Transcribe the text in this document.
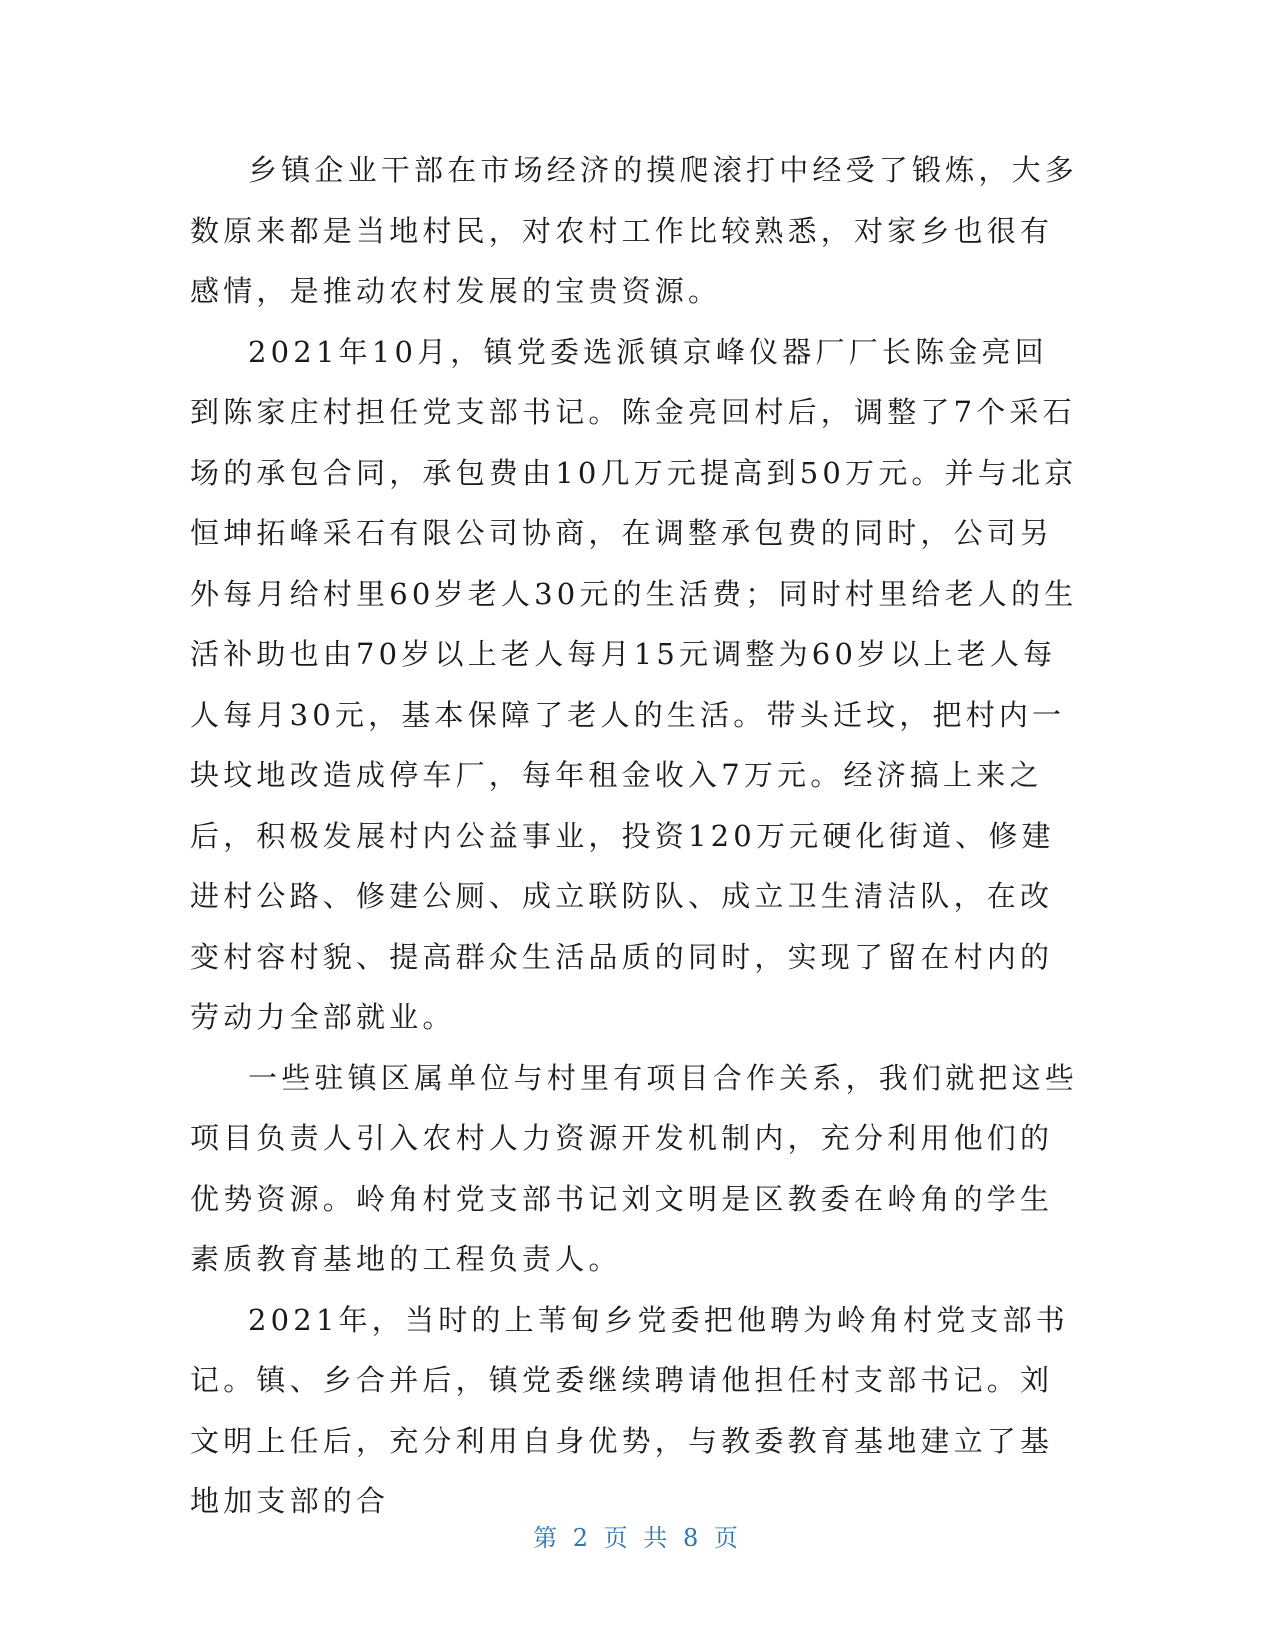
乡镇企业干部在市场经济的摸爬滚打中经受了锻炼，大多数原来都是当地村民，对农村工作比较熟悉，对家乡也很有感情，是推动农村发展的宝贵资源。

2021年10月，镇党委选派镇京峰仪器厂厂长陈金亮回到陈家庄村担任党支部书记。陈金亮回村后，调整了7个采石场的承包合同，承包费由10几万元提高到50万元。并与北京恒坤拓峰采石有限公司协商，在调整承包费的同时，公司另外每月给村里60岁老人30元的生活费；同时村里给老人的生活补助也由70岁以上老人每月15元调整为60岁以上老人每人每月30元，基本保障了老人的生活。带头迁坟，把村内一块坟地改造成停车厂，每年租金收入7万元。经济搞上来之后，积极发展村内公益事业，投资120万元硬化街道、修建进村公路、修建公厕、成立联防队、成立卫生清洁队，在改变村容村貌、提高群众生活品质的同时，实现了留在村内的劳动力全部就业。

一些驻镇区属单位与村里有项目合作关系，我们就把这些项目负责人引入农村人力资源开发机制内，充分利用他们的优势资源。岭角村党支部书记刘文明是区教委在岭角的学生素质教育基地的工程负责人。

2021年，当时的上苇甸乡党委把他聘为岭角村党支部书记。镇、乡合并后，镇党委继续聘请他担任村支部书记。刘文明上任后，充分利用自身优势，与教委教育基地建立了基地加支部的合

第 2 页 共 8 页
